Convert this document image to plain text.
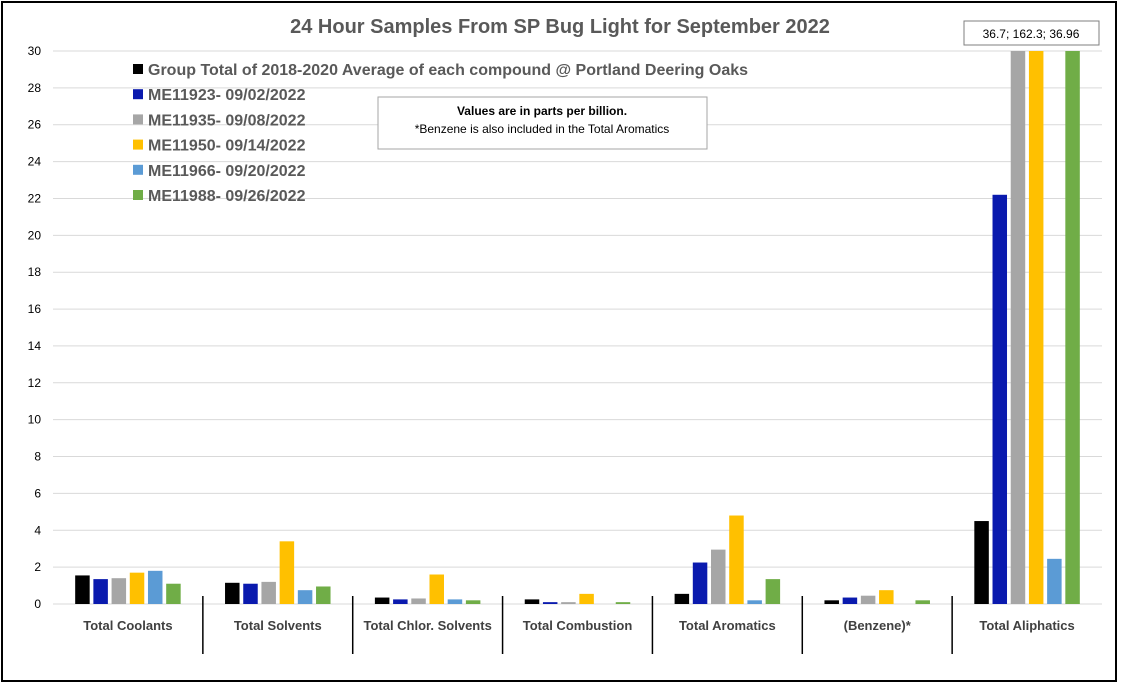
0
2
4
6
8
10
12
14
16
18
20
22
24
26
28
30
Total Coolants	Total Solvents	Total Chlor. Solvents Total Combustion	Total Aromatics	(Benzene)*	Total Aliphatics
24 Hour Samples From SP Bug Light for September 2022
Group Total of 2018-2020 Average of each compound @ Portland Deering Oaks
ME11923- 09/02/2022
ME11935- 09/08/2022
ME11950- 09/14/2022
ME11966- 09/20/2022
ME11988- 09/26/2022
Values are in parts per billion.
*Benzene is also included in the Total Aromatics
36.7; 162.3; 36.96
